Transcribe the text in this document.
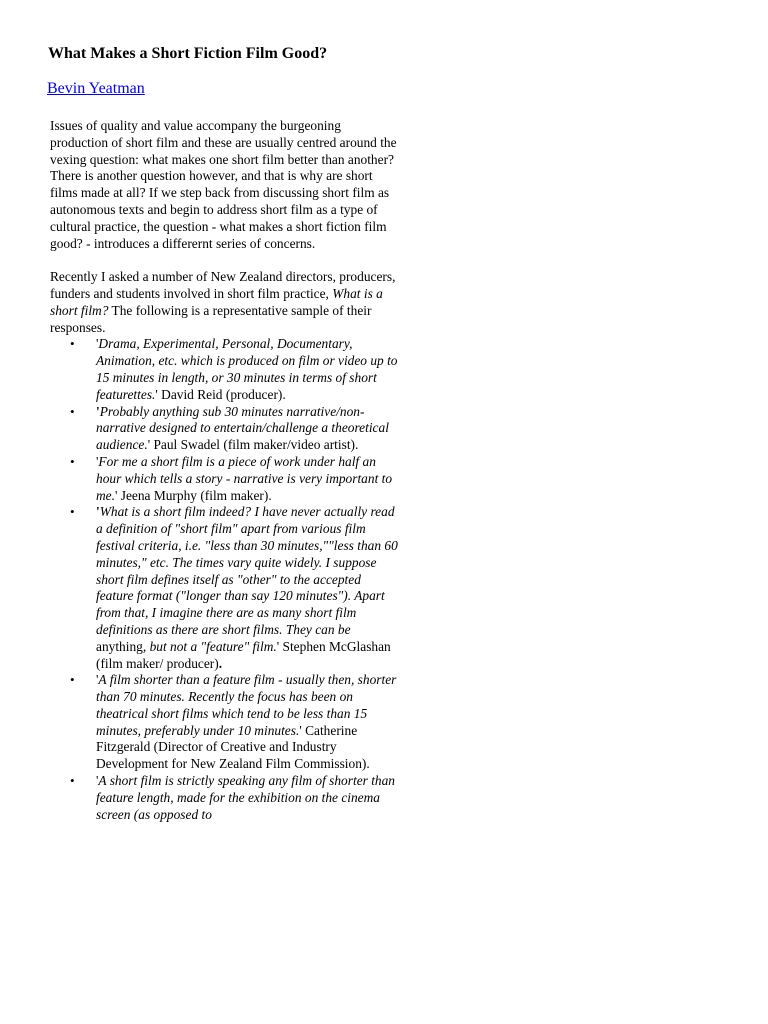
What Makes a Short Fiction Film Good?
Bevin Yeatman

Issues of quality and value accompany the burgeoning production of short film and these are usually centred around the vexing question: what makes one short film better than another? There is another question however, and that is why are short films made at all? If we step back from discussing short film as autonomous texts and begin to address short film as a type of cultural practice, the question - what makes a short fiction film good? - introduces a differernt series of concerns.

Recently I asked a number of New Zealand directors, producers, funders and students involved in short film practice, What is a short film? The following is a representative sample of their responses.

• 'Drama, Experimental, Personal, Documentary, Animation, etc. which is produced on film or video up to 15 minutes in length, or 30 minutes in terms of short featurettes.' David Reid (producer).
• 'Probably anything sub 30 minutes narrative/non-narrative designed to entertain/challenge a theoretical audience.' Paul Swadel (film maker/video artist).
• 'For me a short film is a piece of work under half an hour which tells a story - narrative is very important to me.' Jeena Murphy (film maker).
• 'What is a short film indeed? I have never actually read a definition of "short film" apart from various film festival criteria, i.e. "less than 30 minutes,""less than 60 minutes," etc. The times vary quite widely. I suppose short film defines itself as "other" to the accepted feature format ("longer than say 120 minutes"). Apart from that, I imagine there are as many short film definitions as there are short films. They can be anything, but not a "feature" film.' Stephen McGlashan (film maker/ producer).
• 'A film shorter than a feature film - usually then, shorter than 70 minutes. Recently the focus has been on theatrical short films which tend to be less than 15 minutes, preferably under 10 minutes.' Catherine Fitzgerald (Director of Creative and Industry Development for New Zealand Film Commission).
• 'A short film is strictly speaking any film of shorter than feature length, made for the exhibition on the cinema screen (as opposed to
